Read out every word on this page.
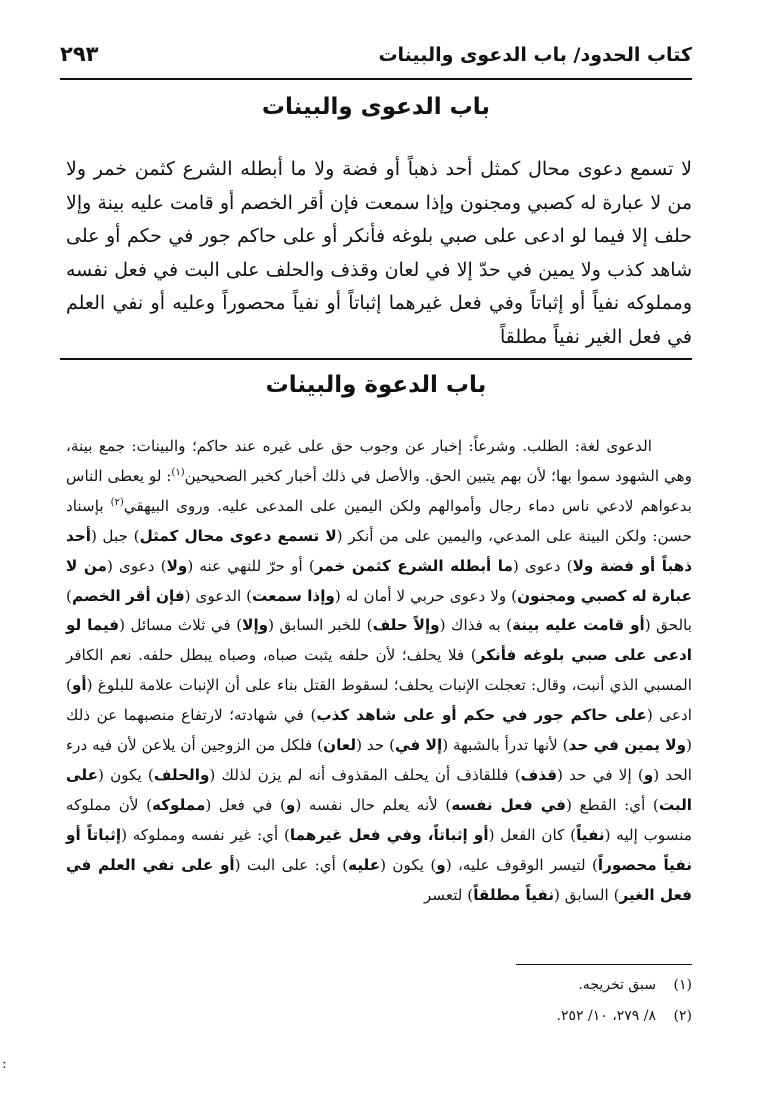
كتاب الحدود/ باب الدعوى والبينات
٢٩٣
باب الدعوى والبينات
لا تسمع دعوى محال كمثل أحد ذهباً أو فضة ولا ما أبطله الشرع كثمن خمر ولا من لا عبارة له كصبي ومجنون وإذا سمعت فإن أقر الخصم أو قامت عليه بينة وإلا حلف إلا فيما لو ادعى على صبي بلوغه فأنكر أو على حاكم جور في حكم أو على شاهد كذب ولا يمين في حدّ إلا في لعان وقذف والحلف على البت في فعل نفسه ومملوكه نفياً أو إثباتاً وفي فعل غيرهما إثباتاً أو نفياً محصوراً وعليه أو نفي العلم في فعل الغير نفياً مطلقاً
باب الدعوة والبينات

الدعوى لغة: الطلب. وشرعاً: إخبار عن وجوب حق على غيره عند حاكم؛ والبينات: جمع بينة، وهي الشهود سموا بها؛ لأن بهم يتبين الحق. والأصل في ذلك أخبار كخبر الصحيحين$^{(١)}$: لو يعطى الناس بدعواهم لادعي ناس دماء رجال وأموالهم ولكن اليمين على المدعى عليه. وروى البيهقي$^{(٢)}$ بإسناد حسن: ولكن البينة على المدعي، واليمين على من أنكر (لا تسمع دعوى محال كمثل) جبل (أحد ذهباً أو فضة ولا) دعوى (ما أبطله الشرع كثمن خمر) أو حرّ للنهي عنه (ولا) دعوى (من لا عبارة له كصبي ومجنون) ولا دعوى حربي لا أمان له (وإذا سمعت) الدعوى (فإن أقر الخصم) بالحق (أو قامت عليه بينة) به فذاك (وإلاً حلف) للخبر السابق (وإلا) في ثلاث مسائل (فيما لو ادعى على صبي بلوغه فأنكر) فلا يحلف؛ لأن حلفه يثبت صباه، وصباه يبطل حلفه. نعم الكافر المسبي الذي أنبت، وقال: تعجلت الإنبات يحلف؛ لسقوط القتل بناء على أن الإنبات علامة للبلوغ (أو) ادعى (على حاكم جور في حكم أو على شاهد كذب) في شهادته؛ لارتفاع منصبهما عن ذلك (ولا يمين في حد) لأنها تدرأ بالشبهة (إلا في) حد (لعان) فلكل من الزوجين أن يلاعن لأن فيه درء الحد (و) إلا في حد (قذف) فللقاذف أن يحلف المقذوف أنه لم يزن لذلك (والحلف) يكون (على البت) أي: القطع (في فعل نفسه) لأنه يعلم حال نفسه (و) في فعل (مملوكه) لأن مملوكه منسوب إليه (نفياً) كان الفعل (أو إثباتاً، وفي فعل غيرهما) أي: غير نفسه ومملوكه (إثباتاً أو نفياً محصوراً) لتيسر الوقوف عليه، (و) يكون (عليه) أي: على البت (أو على نفي العلم في فعل الغير) السابق (نفياً مطلقاً) لتعسر

(١)سبق تخريجه.
(٢)٨/ ٢٧٩، ١٠/ ٢٥٢.
:
